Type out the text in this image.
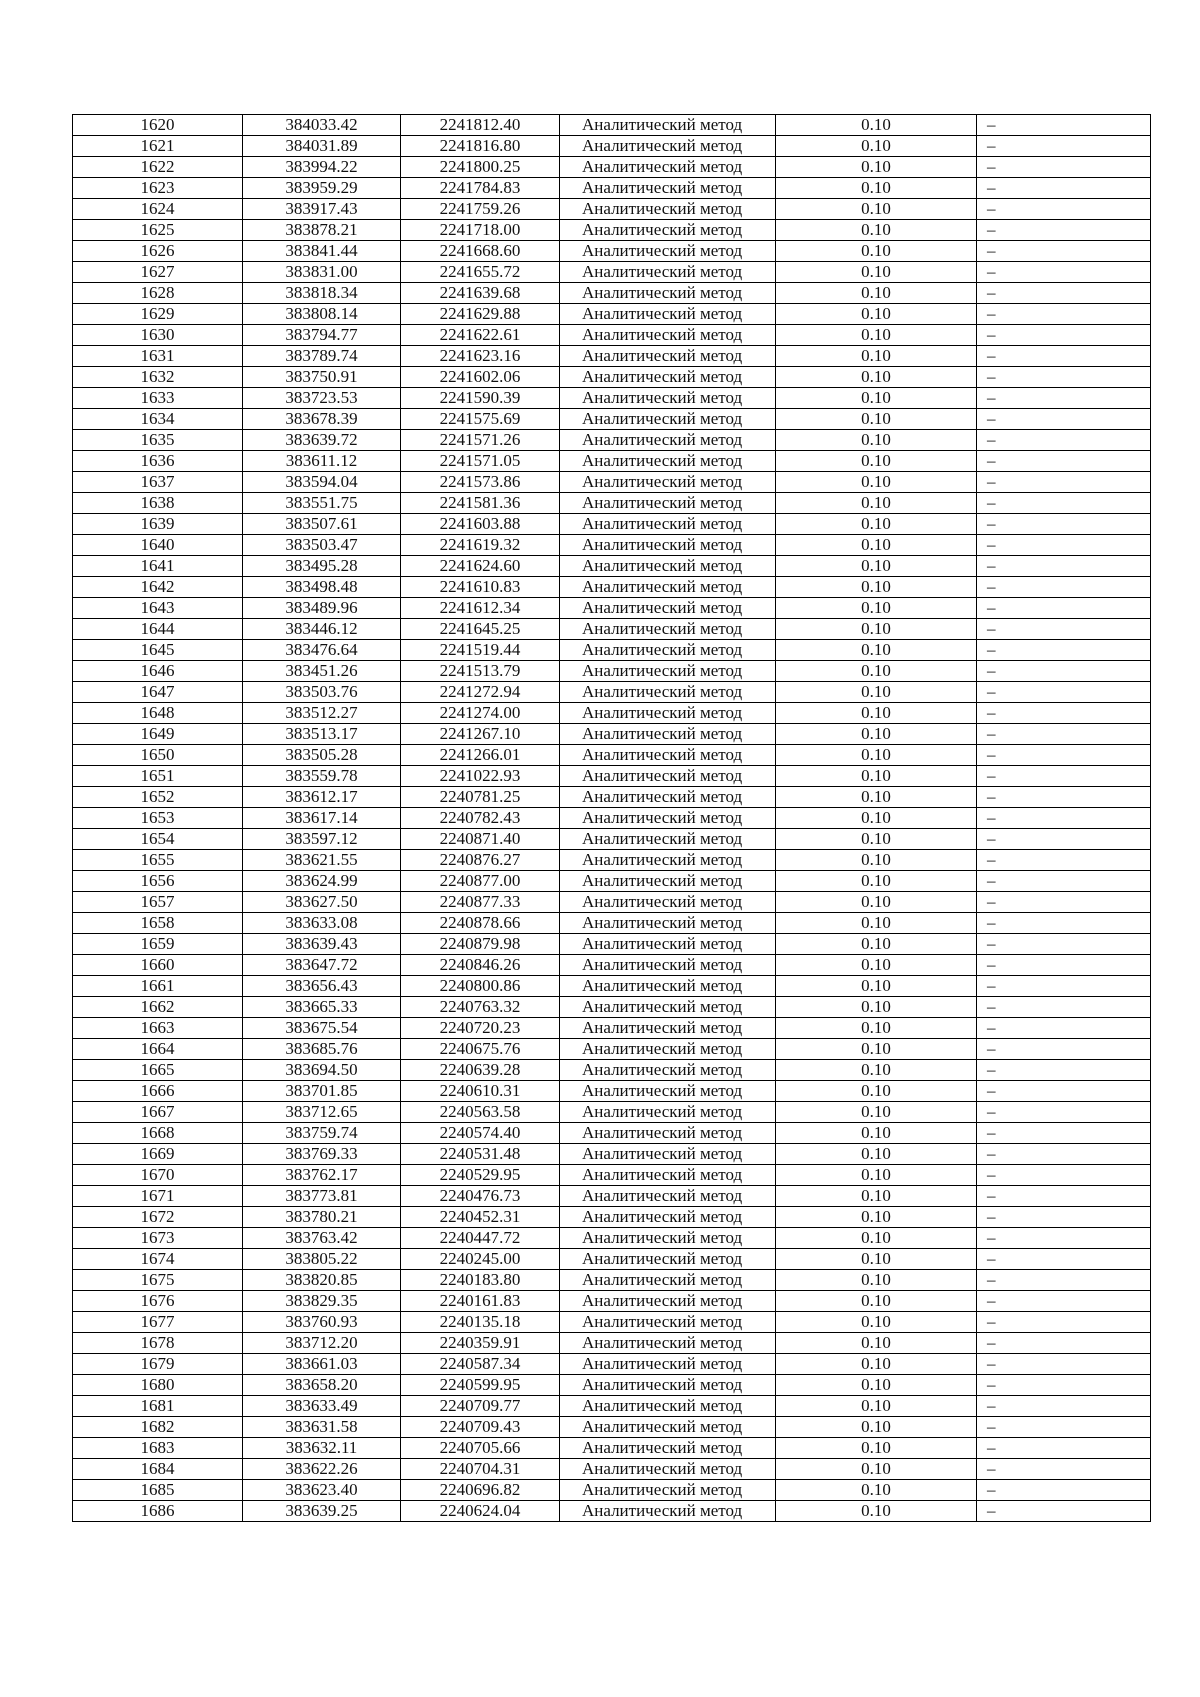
1620	384033.42	2241812.40	Аналитический метод	0.10	–
1621	384031.89	2241816.80	Аналитический метод	0.10	–
1622	383994.22	2241800.25	Аналитический метод	0.10	–
1623	383959.29	2241784.83	Аналитический метод	0.10	–
1624	383917.43	2241759.26	Аналитический метод	0.10	–
1625	383878.21	2241718.00	Аналитический метод	0.10	–
1626	383841.44	2241668.60	Аналитический метод	0.10	–
1627	383831.00	2241655.72	Аналитический метод	0.10	–
1628	383818.34	2241639.68	Аналитический метод	0.10	–
1629	383808.14	2241629.88	Аналитический метод	0.10	–
1630	383794.77	2241622.61	Аналитический метод	0.10	–
1631	383789.74	2241623.16	Аналитический метод	0.10	–
1632	383750.91	2241602.06	Аналитический метод	0.10	–
1633	383723.53	2241590.39	Аналитический метод	0.10	–
1634	383678.39	2241575.69	Аналитический метод	0.10	–
1635	383639.72	2241571.26	Аналитический метод	0.10	–
1636	383611.12	2241571.05	Аналитический метод	0.10	–
1637	383594.04	2241573.86	Аналитический метод	0.10	–
1638	383551.75	2241581.36	Аналитический метод	0.10	–
1639	383507.61	2241603.88	Аналитический метод	0.10	–
1640	383503.47	2241619.32	Аналитический метод	0.10	–
1641	383495.28	2241624.60	Аналитический метод	0.10	–
1642	383498.48	2241610.83	Аналитический метод	0.10	–
1643	383489.96	2241612.34	Аналитический метод	0.10	–
1644	383446.12	2241645.25	Аналитический метод	0.10	–
1645	383476.64	2241519.44	Аналитический метод	0.10	–
1646	383451.26	2241513.79	Аналитический метод	0.10	–
1647	383503.76	2241272.94	Аналитический метод	0.10	–
1648	383512.27	2241274.00	Аналитический метод	0.10	–
1649	383513.17	2241267.10	Аналитический метод	0.10	–
1650	383505.28	2241266.01	Аналитический метод	0.10	–
1651	383559.78	2241022.93	Аналитический метод	0.10	–
1652	383612.17	2240781.25	Аналитический метод	0.10	–
1653	383617.14	2240782.43	Аналитический метод	0.10	–
1654	383597.12	2240871.40	Аналитический метод	0.10	–
1655	383621.55	2240876.27	Аналитический метод	0.10	–
1656	383624.99	2240877.00	Аналитический метод	0.10	–
1657	383627.50	2240877.33	Аналитический метод	0.10	–
1658	383633.08	2240878.66	Аналитический метод	0.10	–
1659	383639.43	2240879.98	Аналитический метод	0.10	–
1660	383647.72	2240846.26	Аналитический метод	0.10	–
1661	383656.43	2240800.86	Аналитический метод	0.10	–
1662	383665.33	2240763.32	Аналитический метод	0.10	–
1663	383675.54	2240720.23	Аналитический метод	0.10	–
1664	383685.76	2240675.76	Аналитический метод	0.10	–
1665	383694.50	2240639.28	Аналитический метод	0.10	–
1666	383701.85	2240610.31	Аналитический метод	0.10	–
1667	383712.65	2240563.58	Аналитический метод	0.10	–
1668	383759.74	2240574.40	Аналитический метод	0.10	–
1669	383769.33	2240531.48	Аналитический метод	0.10	–
1670	383762.17	2240529.95	Аналитический метод	0.10	–
1671	383773.81	2240476.73	Аналитический метод	0.10	–
1672	383780.21	2240452.31	Аналитический метод	0.10	–
1673	383763.42	2240447.72	Аналитический метод	0.10	–
1674	383805.22	2240245.00	Аналитический метод	0.10	–
1675	383820.85	2240183.80	Аналитический метод	0.10	–
1676	383829.35	2240161.83	Аналитический метод	0.10	–
1677	383760.93	2240135.18	Аналитический метод	0.10	–
1678	383712.20	2240359.91	Аналитический метод	0.10	–
1679	383661.03	2240587.34	Аналитический метод	0.10	–
1680	383658.20	2240599.95	Аналитический метод	0.10	–
1681	383633.49	2240709.77	Аналитический метод	0.10	–
1682	383631.58	2240709.43	Аналитический метод	0.10	–
1683	383632.11	2240705.66	Аналитический метод	0.10	–
1684	383622.26	2240704.31	Аналитический метод	0.10	–
1685	383623.40	2240696.82	Аналитический метод	0.10	–
1686	383639.25	2240624.04	Аналитический метод	0.10	–
